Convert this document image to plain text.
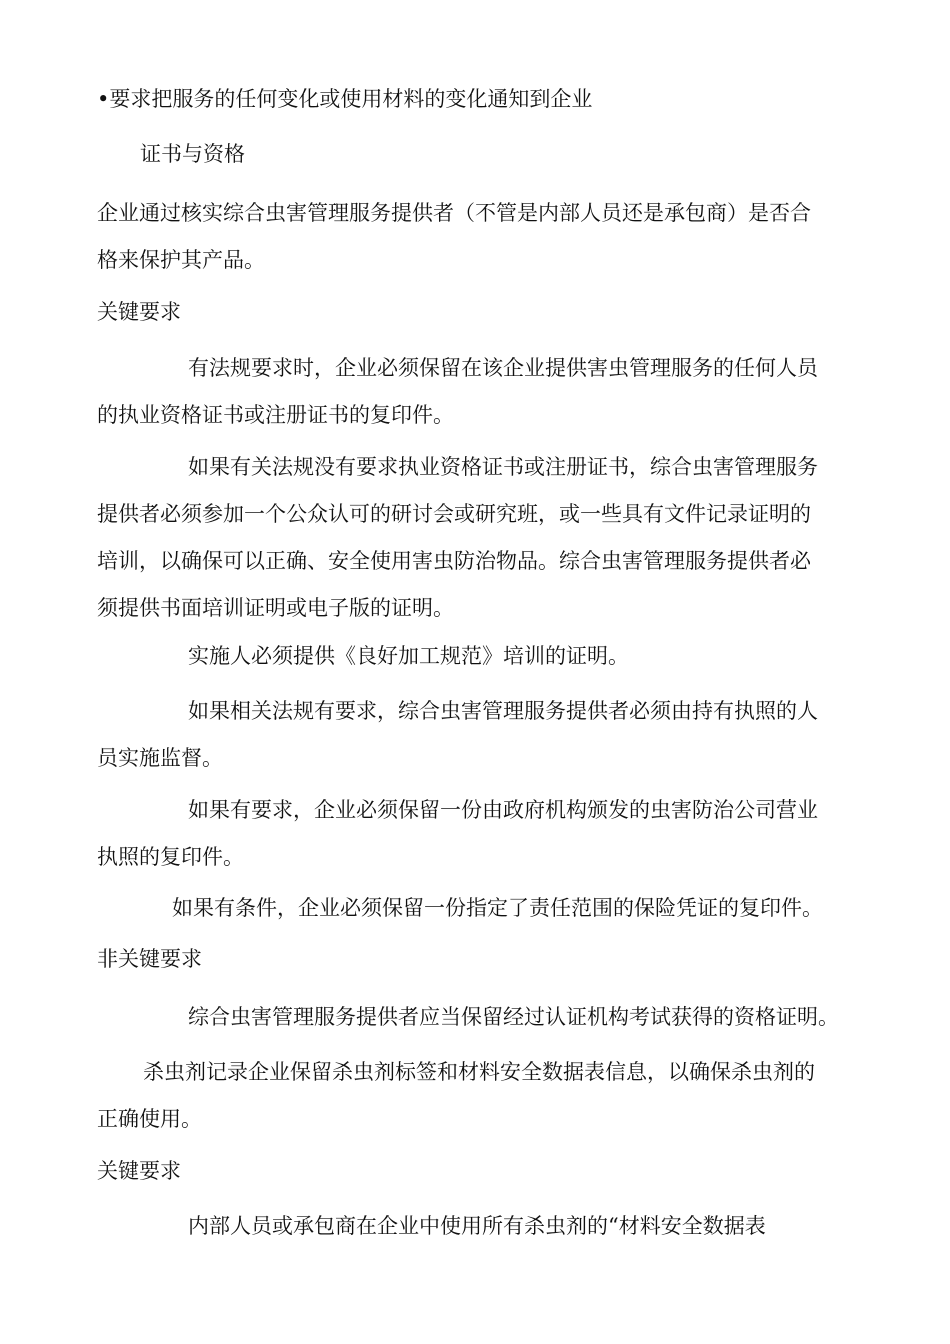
•要求把服务的任何变化或使用材料的变化通知到企业
证书与资格
企业通过核实综合虫害管理服务提供者（不管是内部人员还是承包商）是否合
格来保护其产品。
关键要求
有法规要求时，企业必须保留在该企业提供害虫管理服务的任何人员
的执业资格证书或注册证书的复印件。
如果有关法规没有要求执业资格证书或注册证书，综合虫害管理服务
提供者必须参加一个公众认可的研讨会或研究班，或一些具有文件记录证明的
培训，以确保可以正确、安全使用害虫防治物品。综合虫害管理服务提供者必
须提供书面培训证明或电子版的证明。
实施人必须提供《良好加工规范》培训的证明。
如果相关法规有要求，综合虫害管理服务提供者必须由持有执照的人
员实施监督。
如果有要求，企业必须保留一份由政府机构颁发的虫害防治公司营业
执照的复印件。
如果有条件，企业必须保留一份指定了责任范围的保险凭证的复印件。
非关键要求
综合虫害管理服务提供者应当保留经过认证机构考试获得的资格证明。
杀虫剂记录企业保留杀虫剂标签和材料安全数据表信息，以确保杀虫剂的
正确使用。
关键要求
内部人员或承包商在企业中使用所有杀虫剂的“材料安全数据表
